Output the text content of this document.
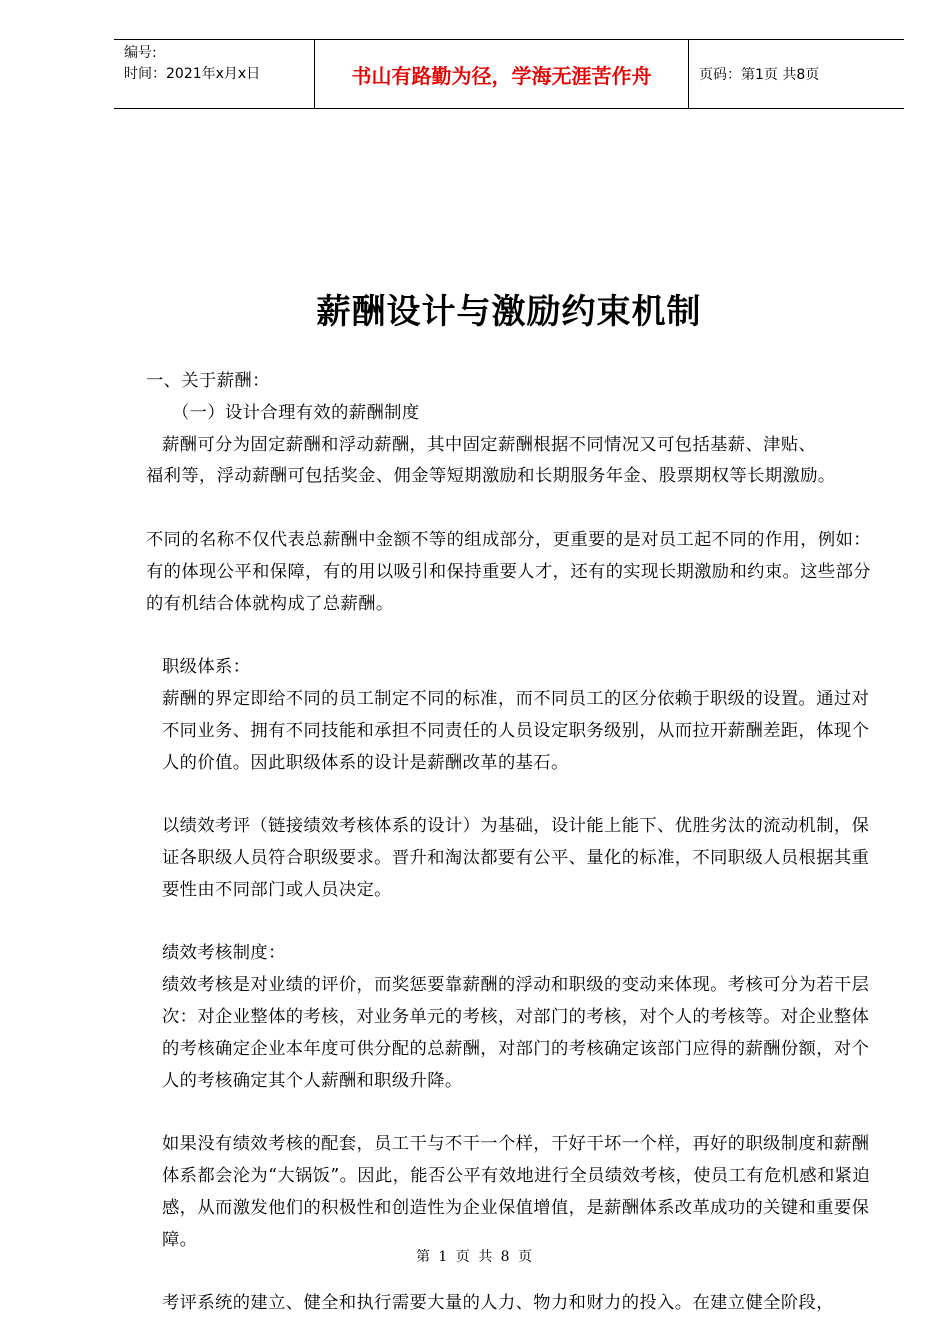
编号:
时间：2021年x月x日	书山有路勤为径，学海无涯苦作舟	页码：第1页 共8页
薪酬设计与激励约束机制

一、关于薪酬：

（一）设计合理有效的薪酬制度

薪酬可分为固定薪酬和浮动薪酬，其中固定薪酬根据不同情况又可包括基薪、津贴、

福利等，浮动薪酬可包括奖金、佣金等短期激励和长期服务年金、股票期权等长期激励。

不同的名称不仅代表总薪酬中金额不等的组成部分，更重要的是对员工起不同的作用，例如：有的体现公平和保障，有的用以吸引和保持重要人才，还有的实现长期激励和约束。这些部分的有机结合体就构成了总薪酬。

职级体系：

薪酬的界定即给不同的员工制定不同的标准，而不同员工的区分依赖于职级的设置。通过对不同业务、拥有不同技能和承担不同责任的人员设定职务级别，从而拉开薪酬差距，体现个人的价值。因此职级体系的设计是薪酬改革的基石。

以绩效考评（链接绩效考核体系的设计）为基础，设计能上能下、优胜劣汰的流动机制，保证各职级人员符合职级要求。晋升和淘汰都要有公平、量化的标准，不同职级人员根据其重要性由不同部门或人员决定。

绩效考核制度：

绩效考核是对业绩的评价，而奖惩要靠薪酬的浮动和职级的变动来体现。考核可分为若干层次：对企业整体的考核，对业务单元的考核，对部门的考核，对个人的考核等。对企业整体的考核确定企业本年度可供分配的总薪酬，对部门的考核确定该部门应得的薪酬份额，对个人的考核确定其个人薪酬和职级升降。

如果没有绩效考核的配套，员工干与不干一个样，干好干坏一个样，再好的职级制度和薪酬体系都会沦为“大锅饭”。因此，能否公平有效地进行全员绩效考核，使员工有危机感和紧迫感，从而激发他们的积极性和创造性为企业保值增值，是薪酬体系改革成功的关键和重要保障。

考评系统的建立、健全和执行需要大量的人力、物力和财力的投入。在建立健全阶段，

第 1 页 共 8 页
